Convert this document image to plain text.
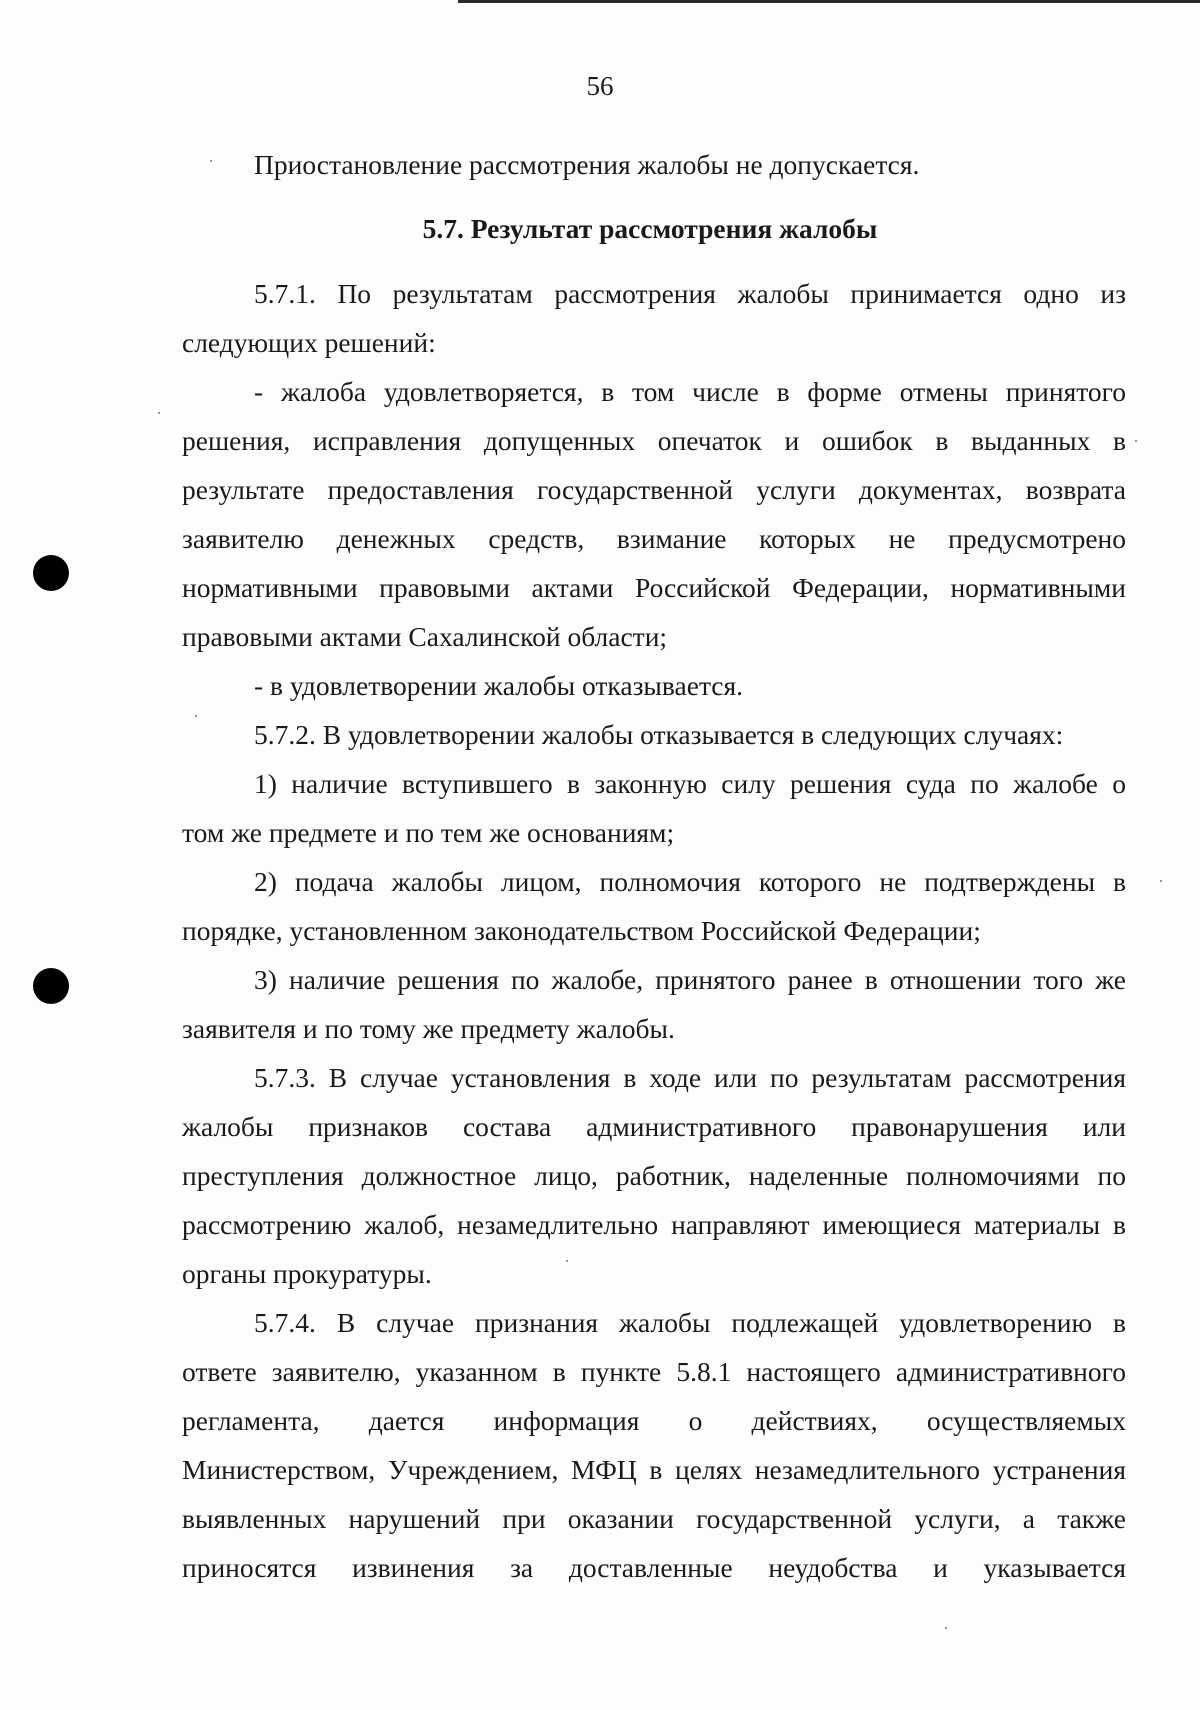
56
Приостановление рассмотрения жалобы не допускается.
5.7. Результат рассмотрения жалобы
5.7.1. По результатам рассмотрения жалобы принимается одно из
следующих решений:
- жалоба удовлетворяется, в том числе в форме отмены принятого
решения, исправления допущенных опечаток и ошибок в выданных в
результате предоставления государственной услуги документах, возврата
заявителю денежных средств, взимание которых не предусмотрено
нормативными правовыми актами Российской Федерации, нормативными
правовыми актами Сахалинской области;
- в удовлетворении жалобы отказывается.
5.7.2. В удовлетворении жалобы отказывается в следующих случаях:
1) наличие вступившего в законную силу решения суда по жалобе о
том же предмете и по тем же основаниям;
2) подача жалобы лицом, полномочия которого не подтверждены в
порядке, установленном законодательством Российской Федерации;
3) наличие решения по жалобе, принятого ранее в отношении того же
заявителя и по тому же предмету жалобы.
5.7.3. В случае установления в ходе или по результатам рассмотрения
жалобы признаков состава административного правонарушения или
преступления должностное лицо, работник, наделенные полномочиями по
рассмотрению жалоб, незамедлительно направляют имеющиеся материалы в
органы прокуратуры.
5.7.4. В случае признания жалобы подлежащей удовлетворению в
ответе заявителю, указанном в пункте 5.8.1 настоящего административного
регламента, дается информация о действиях, осуществляемых
Министерством, Учреждением, МФЦ в целях незамедлительного устранения
выявленных нарушений при оказании государственной услуги, а также
приносятся извинения за доставленные неудобства и указывается
